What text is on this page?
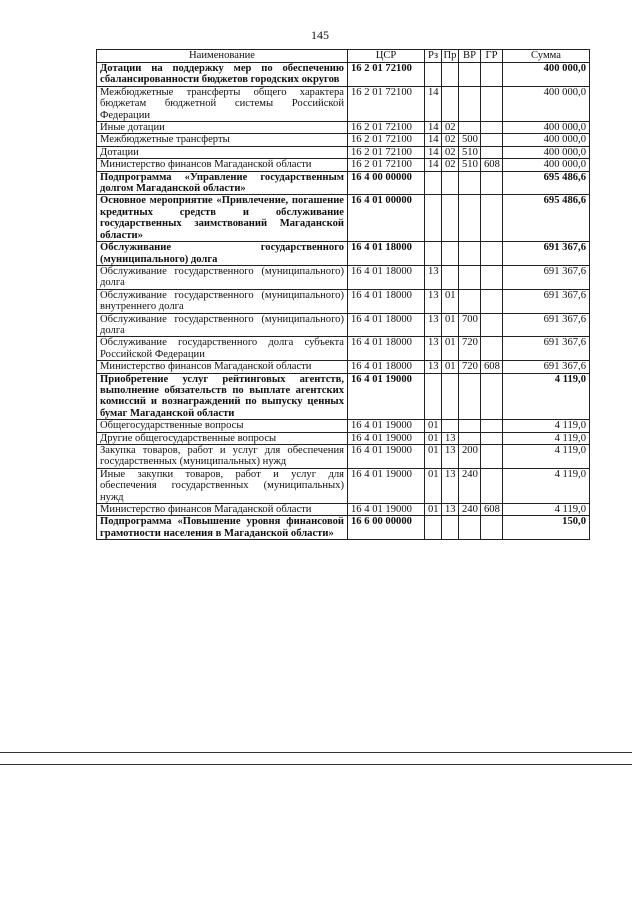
145
Наименование	ЦСР	Рз	Пр	ВР	ГР	Сумма
Дотации на поддержку мер по обеспечению сбалансированности бюджетов городских округов	16 2 01 72100					400 000,0
Межбюджетные трансферты общего характера бюджетам бюджетной системы Российской Федерации	16 2 01 72100	14				400 000,0
Иные дотации	16 2 01 72100	14	02			400 000,0
Межбюджетные трансферты	16 2 01 72100	14	02	500		400 000,0
Дотации	16 2 01 72100	14	02	510		400 000,0
Министерство финансов Магаданской области	16 2 01 72100	14	02	510	608	400 000,0
Подпрограмма «Управление государственным долгом Магаданской области»	16 4 00 00000					695 486,6
Основное мероприятие «Привлечение, погашение кредитных средств и обслуживание государственных заимствований Магаданской области»	16 4 01 00000					695 486,6
Обслуживание государственного (муниципального) долга	16 4 01 18000					691 367,6
Обслуживание государственного (муниципального) долга	16 4 01 18000	13				691 367,6
Обслуживание государственного (муниципального) внутреннего долга	16 4 01 18000	13	01			691 367,6
Обслуживание государственного (муниципального) долга	16 4 01 18000	13	01	700		691 367,6
Обслуживание государственного долга субъекта Российской Федерации	16 4 01 18000	13	01	720		691 367,6
Министерство финансов Магаданской области	16 4 01 18000	13	01	720	608	691 367,6
Приобретение услуг рейтинговых агентств, выполнение обязательств по выплате агентских комиссий и вознаграждений по выпуску ценных бумаг Магаданской области	16 4 01 19000					4 119,0
Общегосударственные вопросы	16 4 01 19000	01				4 119,0
Другие общегосударственные вопросы	16 4 01 19000	01	13			4 119,0
Закупка товаров, работ и услуг для обеспечения государственных (муниципальных) нужд	16 4 01 19000	01	13	200		4 119,0
Иные закупки товаров, работ и услуг для обеспечения государственных (муниципальных) нужд	16 4 01 19000	01	13	240		4 119,0
Министерство финансов Магаданской области	16 4 01 19000	01	13	240	608	4 119,0
Подпрограмма «Повышение уровня финансовой грамотности населения в Магаданской области»	16 6 00 00000					150,0
